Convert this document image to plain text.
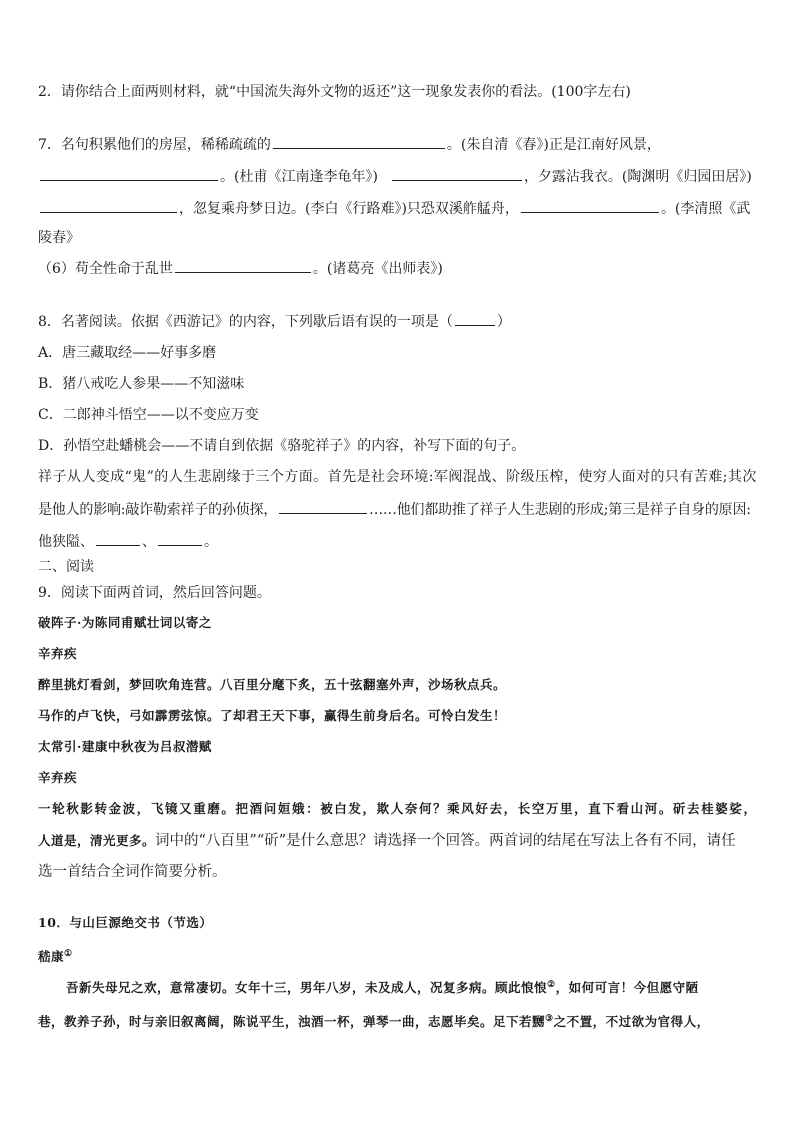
2．请你结合上面两则材料，就“中国流失海外文物的返还”这一现象发表你的看法。(100字左右)
7．名句积累他们的房屋，稀稀疏疏的	。(朱自清《春》)正是江南好风景，
。(杜甫《江南逢李龟年》)	，夕露沾我衣。(陶渊明《归园田居》)
，忽复乘舟梦日边。(李白《行路难》)只恐双溪舴艋舟，	。(李清照《武
陵春》
（6）苟全性命于乱世	。(诸葛亮《出师表》)
8．名著阅读。依据《西游记》的内容，下列歇后语有误的一项是（	）
A．唐三藏取经——好事多磨
B．猪八戒吃人参果——不知滋味
C．二郎神斗悟空——以不变应万变
D．孙悟空赴蟠桃会——不请自到依据《骆驼祥子》的内容，补写下面的句子。
祥子从人变成“鬼”的人生悲剧缘于三个方面。首先是社会环境:军阀混战、阶级压榨，使穷人面对的只有苦难;其次
是他人的影响:敲诈勒索祥子的孙侦探，	……他们都助推了祥子人生悲剧的形成;第三是祥子自身的原因:
他狭隘、	、	。
二、阅读
9．阅读下面两首词，然后回答问题。
破阵子·为陈同甫赋壮词以寄之
辛弃疾
醉里挑灯看剑，梦回吹角连营。八百里分麾下炙，五十弦翻塞外声，沙场秋点兵。
马作的卢飞快，弓如霹雳弦惊。了却君王天下事，赢得生前身后名。可怜白发生！
太常引·建康中秋夜为吕叔潜赋
辛弃疾
一轮秋影转金波，飞镜又重磨。把酒问姮娥：被白发，欺人奈何？乘风好去，长空万里，直下看山河。斫去桂婆娑，
人道是，清光更多。词中的“八百里”“斫”是什么意思？请选择一个回答。两首词的结尾在写法上各有不同，请任
选一首结合全词作简要分析。
10．与山巨源绝交书（节选）
嵇康①
吾新失母兄之欢，意常凄切。女年十三，男年八岁，未及成人，况复多病。顾此悢悢②，如何可言！今但愿守陋
巷，教养子孙，时与亲旧叙离阔，陈说平生，浊酒一杯，弹琴一曲，志愿毕矣。足下若嬲③之不置，不过欲为官得人，
